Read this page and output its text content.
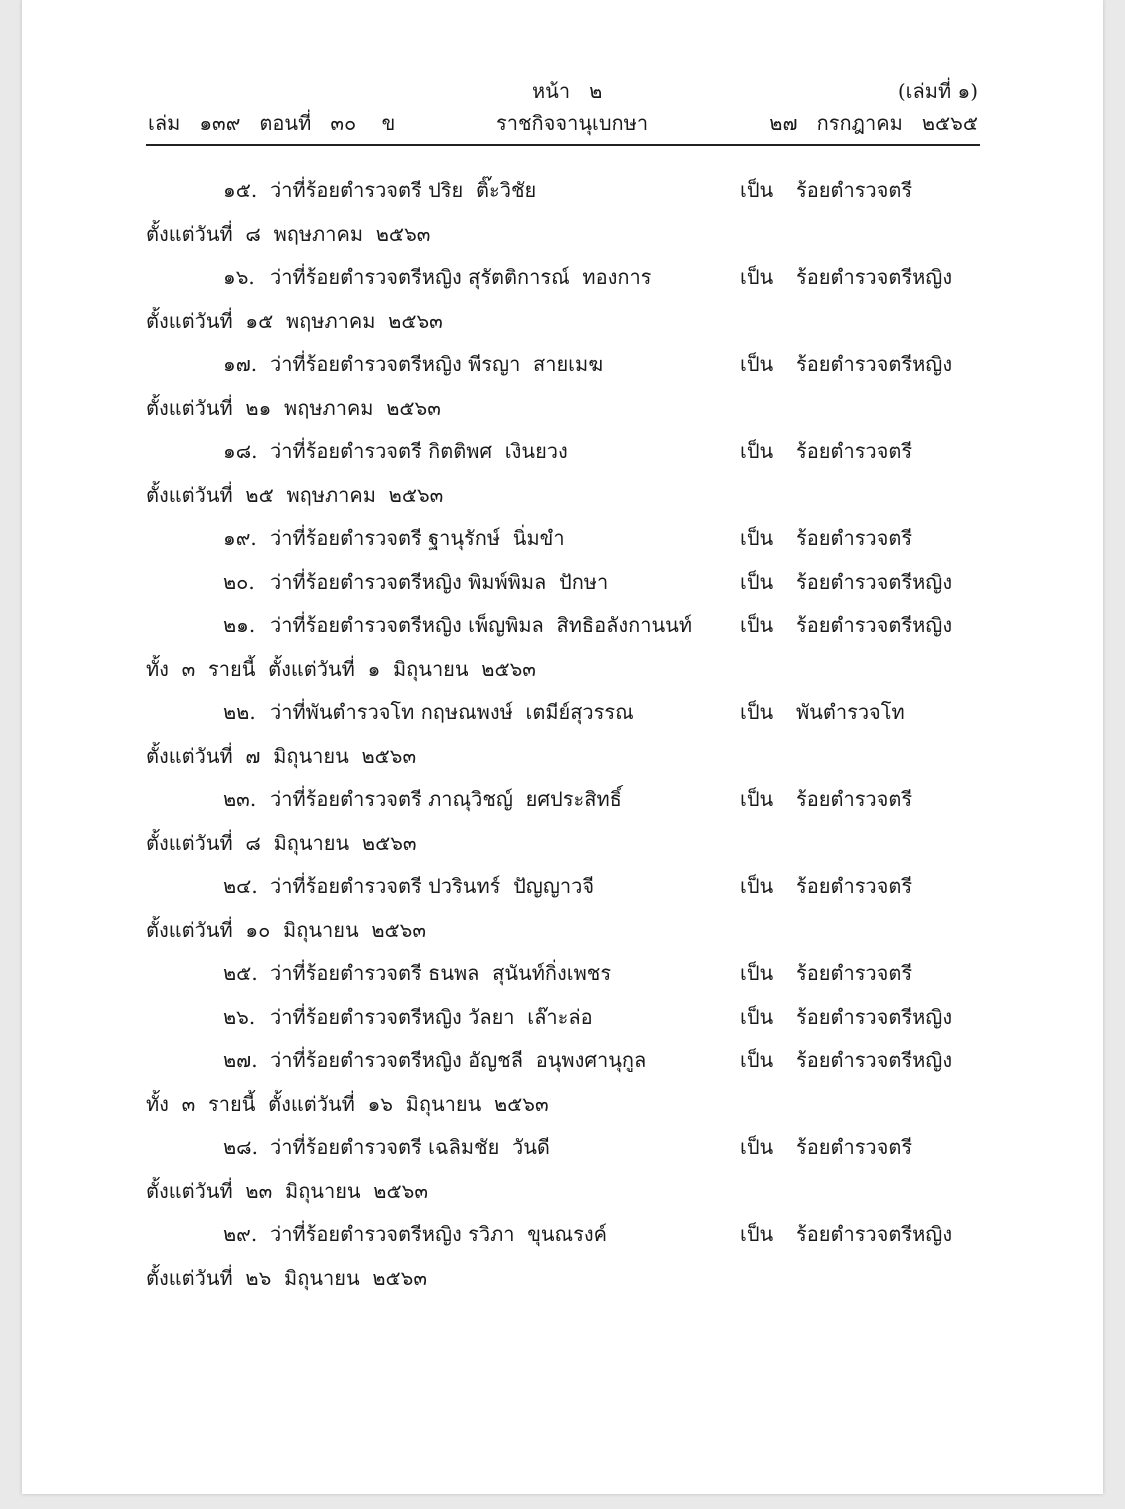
หน้า   ๒	(เล่มที่ ๑)
เล่ม   ๑๓๙   ตอนที่   ๓๐    ข	ราชกิจจานุเบกษา	๒๗   กรกฎาคม   ๒๕๖๕
๑๕. ว่าที่ร้อยตำรวจตรี ปริย  ติ๊ะวิชัย	เป็น ร้อยตำรวจตรี
ตั้งแต่วันที่  ๘  พฤษภาคม  ๒๕๖๓
๑๖. ว่าที่ร้อยตำรวจตรีหญิง สุรัตติการณ์  ทองการ	เป็น ร้อยตำรวจตรีหญิง
ตั้งแต่วันที่  ๑๕  พฤษภาคม  ๒๕๖๓
๑๗. ว่าที่ร้อยตำรวจตรีหญิง พีรญา  สายเมฆ	เป็น ร้อยตำรวจตรีหญิง
ตั้งแต่วันที่  ๒๑  พฤษภาคม  ๒๕๖๓
๑๘. ว่าที่ร้อยตำรวจตรี กิตติพศ  เงินยวง	เป็น ร้อยตำรวจตรี
ตั้งแต่วันที่  ๒๕  พฤษภาคม  ๒๕๖๓
๑๙. ว่าที่ร้อยตำรวจตรี ฐานุรักษ์  นิ่มขำ	เป็น ร้อยตำรวจตรี
๒๐. ว่าที่ร้อยตำรวจตรีหญิง พิมพ์พิมล  ปักษา	เป็น ร้อยตำรวจตรีหญิง
๒๑. ว่าที่ร้อยตำรวจตรีหญิง เพ็ญพิมล  สิทธิอลังกานนท์ เป็น ร้อยตำรวจตรีหญิง
ทั้ง  ๓  รายนี้  ตั้งแต่วันที่  ๑  มิถุนายน  ๒๕๖๓
๒๒. ว่าที่พันตำรวจโท กฤษณพงษ์  เตมีย์สุวรรณ	เป็น พันตำรวจโท
ตั้งแต่วันที่  ๗  มิถุนายน  ๒๕๖๓
๒๓. ว่าที่ร้อยตำรวจตรี ภาณุวิชญ์  ยศประสิทธิ์	เป็น ร้อยตำรวจตรี
ตั้งแต่วันที่  ๘  มิถุนายน  ๒๕๖๓
๒๔. ว่าที่ร้อยตำรวจตรี ปวรินทร์  ปัญญาวจี	เป็น ร้อยตำรวจตรี
ตั้งแต่วันที่  ๑๐  มิถุนายน  ๒๕๖๓
๒๕. ว่าที่ร้อยตำรวจตรี ธนพล  สุนันท์กิ่งเพชร	เป็น ร้อยตำรวจตรี
๒๖. ว่าที่ร้อยตำรวจตรีหญิง วัลยา  เล๊าะล่อ	เป็น ร้อยตำรวจตรีหญิง
๒๗. ว่าที่ร้อยตำรวจตรีหญิง อัญชลี  อนุพงศานุกูล	เป็น ร้อยตำรวจตรีหญิง
ทั้ง  ๓  รายนี้  ตั้งแต่วันที่  ๑๖  มิถุนายน  ๒๕๖๓
๒๘. ว่าที่ร้อยตำรวจตรี เฉลิมชัย  วันดี	เป็น ร้อยตำรวจตรี
ตั้งแต่วันที่  ๒๓  มิถุนายน  ๒๕๖๓
๒๙. ว่าที่ร้อยตำรวจตรีหญิง รวิภา  ขุนณรงค์	เป็น ร้อยตำรวจตรีหญิง
ตั้งแต่วันที่  ๒๖  มิถุนายน  ๒๕๖๓
